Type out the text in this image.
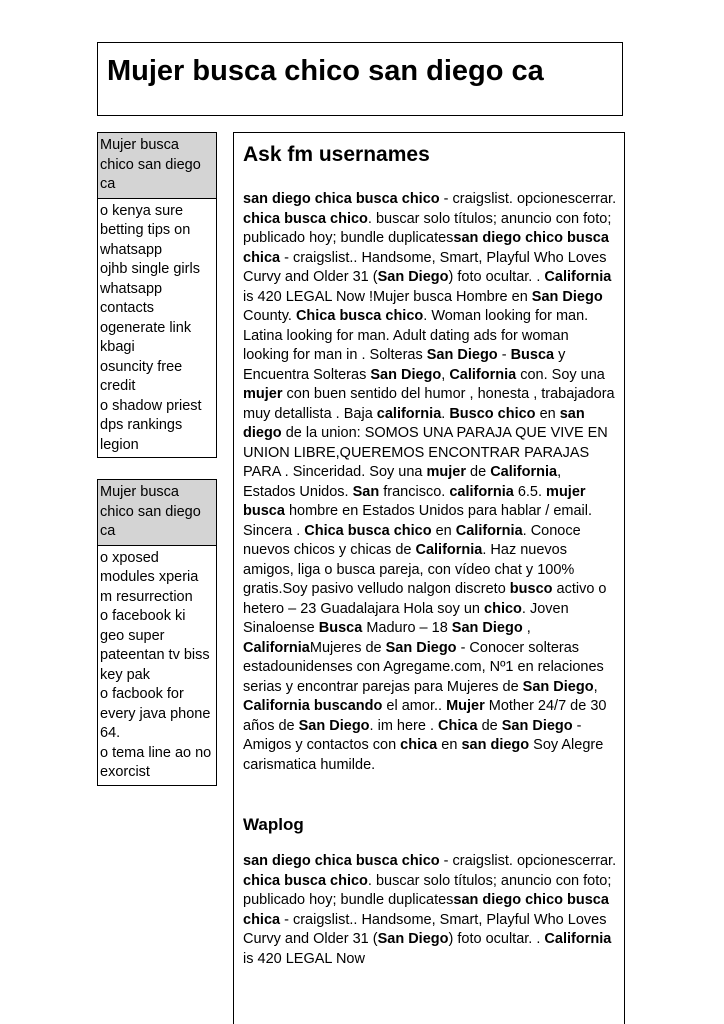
Mujer busca chico san diego ca
Mujer busca chico san diego ca
o kenya sure betting tips on whatsapp
ojhb single girls whatsapp contacts
ogenerate link kbagi
osuncity free credit
o shadow priest dps rankings legion
Mujer busca chico san diego ca
o xposed modules xperia m resurrection
o facebook ki geo super pateentan tv biss key pak
o facbook for every java phone 64.
o tema line ao no exorcist
Ask fm usernames
san diego chica busca chico - craigslist. opcionescerrar. chica busca chico. buscar solo títulos; anuncio con foto; publicado hoy; bundle duplicatessan diego chico busca chica - craigslist.. Handsome, Smart, Playful Who Loves Curvy and Older 31 (San Diego) foto ocultar. . California is 420 LEGAL Now !Mujer busca Hombre en San Diego County. Chica busca chico. Woman looking for man. Latina looking for man. Adult dating ads for woman looking for man in . Solteras San Diego - Busca y Encuentra Solteras San Diego, California con. Soy una mujer con buen sentido del humor , honesta , trabajadora muy detallista . Baja california. Busco chico en san diego de la union: SOMOS UNA PARAJA QUE VIVE EN UNION LIBRE,QUEREMOS ENCONTRAR PARAJAS PARA . Sinceridad. Soy una mujer de California, Estados Unidos. San francisco. california 6.5. mujer busca hombre en Estados Unidos para hablar / email. Sincera . Chica busca chico en California. Conoce nuevos chicos y chicas de California. Haz nuevos amigos, liga o busca pareja, con vídeo chat y 100% gratis.Soy pasivo velludo nalgon discreto busco activo o hetero – 23 Guadalajara Hola soy un chico. Joven Sinaloense Busca Maduro – 18 San Diego , CaliforniaMujeres de San Diego - Conocer solteras estadounidenses con Agregame.com, Nº1 en relaciones serias y encontrar parejas para Mujeres de San Diego, California buscando el amor.. Mujer Mother 24/7 de 30 años de San Diego. im here . Chica de San Diego - Amigos y contactos con chica en san diego Soy Alegre carismatica humilde.
Waplog
san diego chica busca chico - craigslist. opcionescerrar. chica busca chico. buscar solo títulos; anuncio con foto; publicado hoy; bundle duplicatessan diego chico busca chica - craigslist.. Handsome, Smart, Playful Who Loves Curvy and Older 31 (San Diego) foto ocultar. . California is 420 LEGAL Now
